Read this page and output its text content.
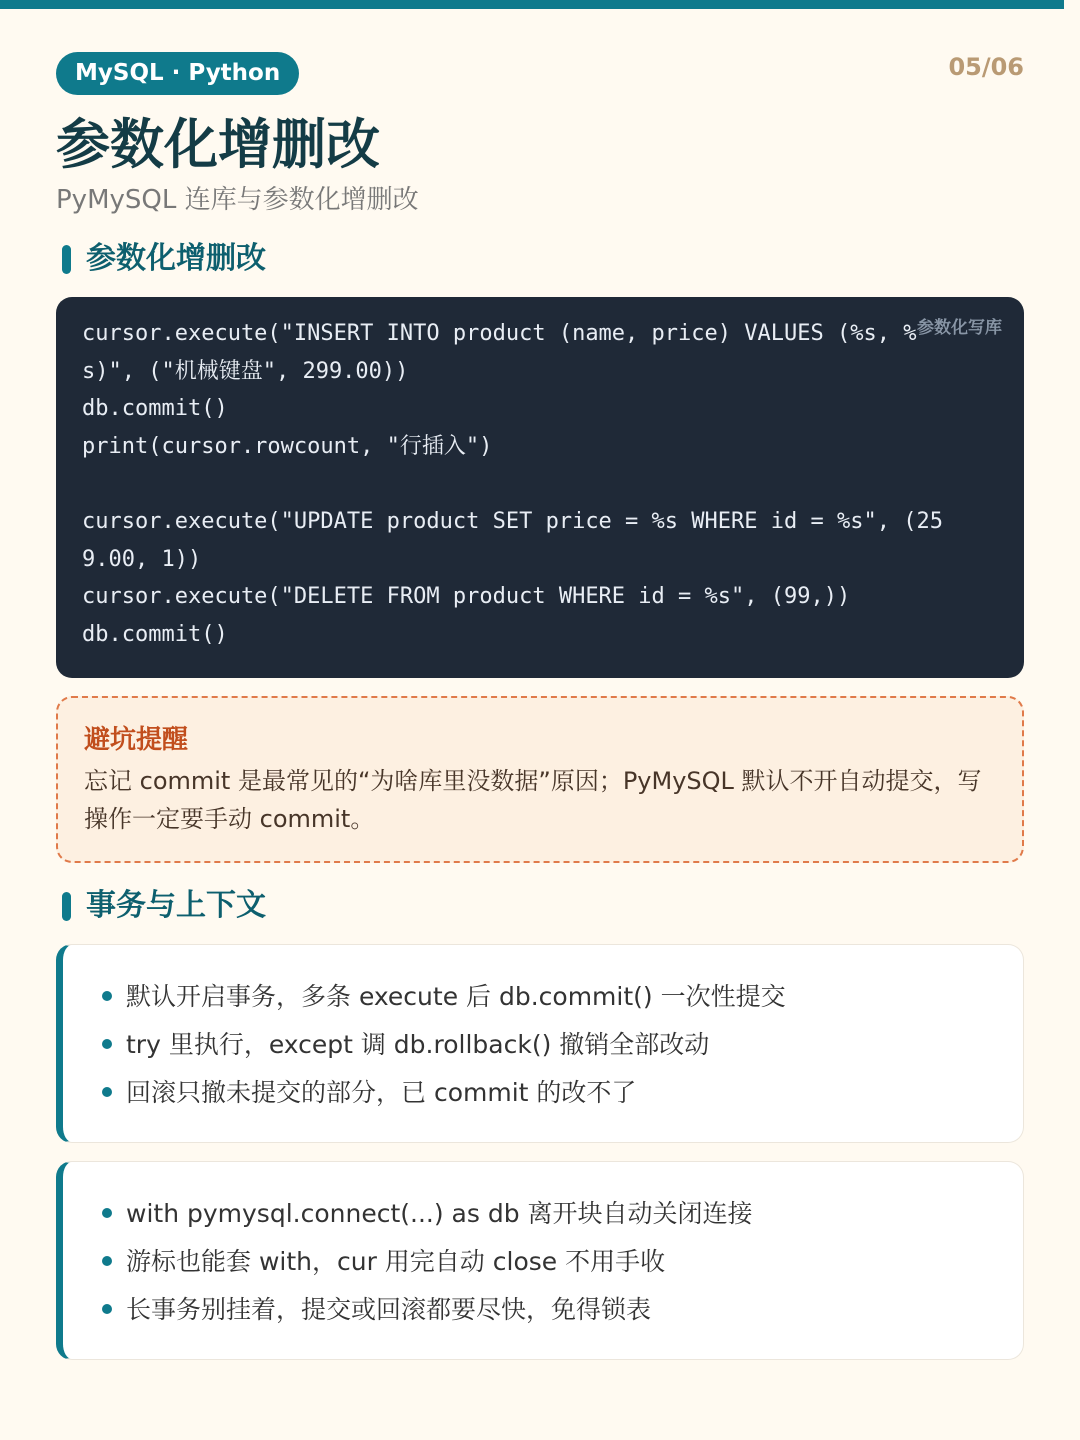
MySQL · Python	05/06
参数化增删改
PyMySQL 连库与参数化增删改
参数化增删改
参数化写库
cursor.execute("INSERT INTO product (name, price) VALUES (%s, %
s)", ("机械键盘", 299.00))
db.commit()
print(cursor.rowcount, "行插入")
cursor.execute("UPDATE product SET price = %s WHERE id = %s", (25
9.00, 1))
cursor.execute("DELETE FROM product WHERE id = %s", (99,))
db.commit()
避坑提醒
忘记 commit 是最常见的“为啥库里没数据”原因；PyMySQL 默认不开自动提交，写操作一定要手动 commit。
事务与上下文
默认开启事务，多条 execute 后 db.commit() 一次性提交
try 里执行，except 调 db.rollback() 撤销全部改动
回滚只撤未提交的部分，已 commit 的改不了
with pymysql.connect(...) as db 离开块自动关闭连接
游标也能套 with，cur 用完自动 close 不用手收
长事务别挂着，提交或回滚都要尽快，免得锁表
